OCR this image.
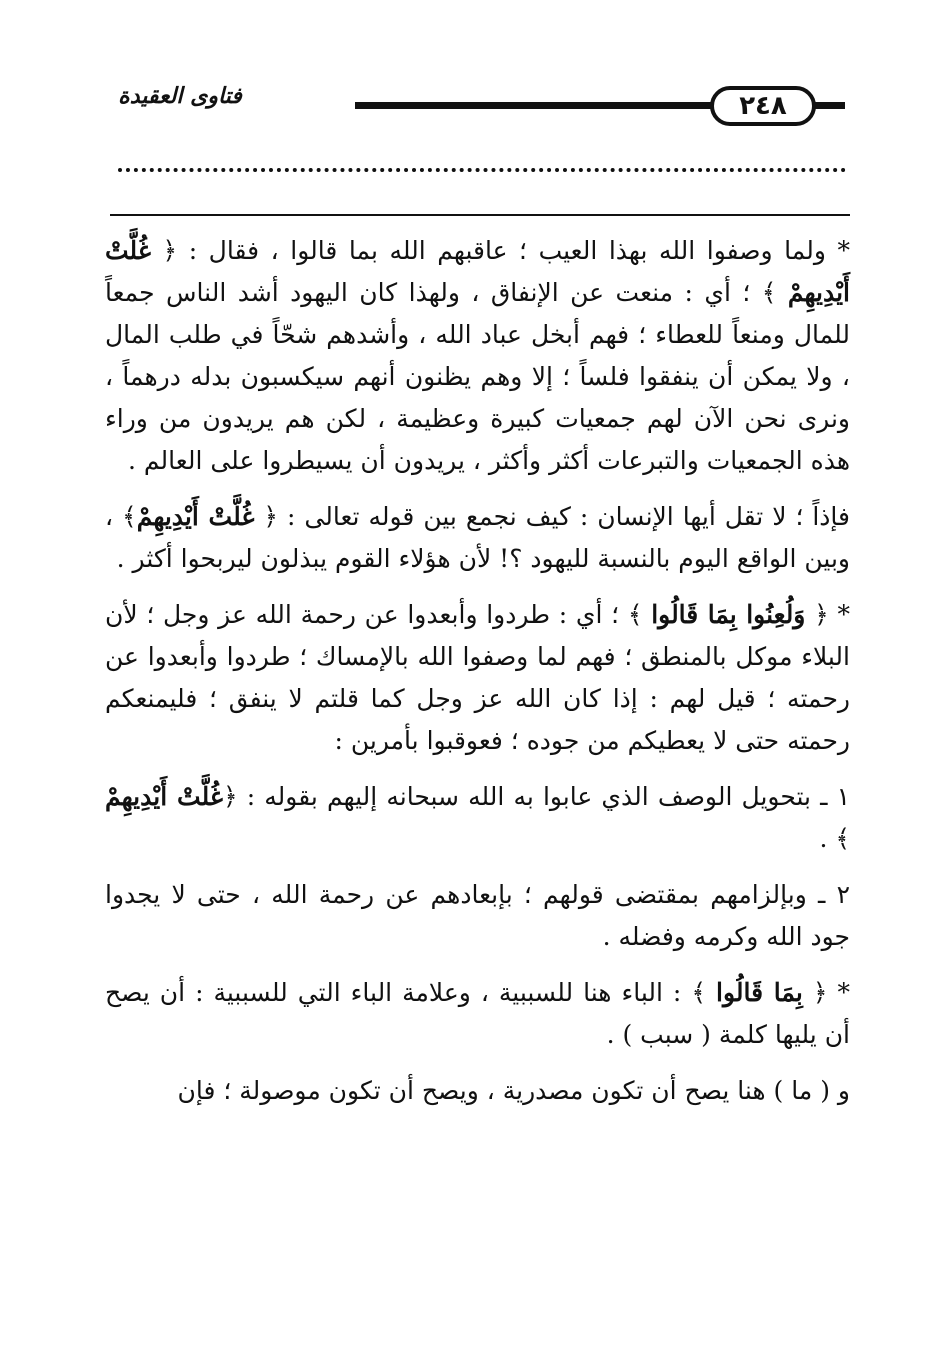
٢٤٨
فتاوى العقيدة

* ولما وصفوا الله بهذا العيب ؛ عاقبهم الله بما قالوا ، فقال : ﴿ غُلَّتْ أَيْدِيهِمْ ﴾ ؛ أي : منعت عن الإنفاق ، ولهذا كان اليهود أشد الناس جمعاً للمال ومنعاً للعطاء ؛ فهم أبخل عباد الله ، وأشدهم شحّاً في طلب المال ، ولا يمكن أن ينفقوا فلساً ؛ إلا وهم يظنون أنهم سيكسبون بدله درهماً ، ونرى نحن الآن لهم جمعيات كبيرة وعظيمة ، لكن هم يريدون من وراء هذه الجمعيات والتبرعات أكثر وأكثر ، يريدون أن يسيطروا على العالم .

فإذاً ؛ لا تقل أيها الإنسان : كيف نجمع بين قوله تعالى : ﴿ غُلَّتْ أَيْدِيهِمْ﴾ ، وبين الواقع اليوم بالنسبة لليهود ؟! لأن هؤلاء القوم يبذلون ليربحوا أكثر .

* ﴿ وَلُعِنُوا بِمَا قَالُوا ﴾ ؛ أي : طردوا وأبعدوا عن رحمة الله عز وجل ؛ لأن البلاء موكل بالمنطق ؛ فهم لما وصفوا الله بالإمساك ؛ طردوا وأبعدوا عن رحمته ؛ قيل لهم : إذا كان الله عز وجل كما قلتم لا ينفق ؛ فليمنعكم رحمته حتى لا يعطيكم من جوده ؛ فعوقبوا بأمرين :

١ ـ بتحويل الوصف الذي عابوا به الله سبحانه إليهم بقوله : ﴿غُلَّتْ أَيْدِيهِمْ ﴾ .

٢ ـ وبإلزامهم بمقتضى قولهم ؛ بإبعادهم عن رحمة الله ، حتى لا يجدوا جود الله وكرمه وفضله .

* ﴿ بِمَا قَالُوا ﴾ : الباء هنا للسببية ، وعلامة الباء التي للسببية : أن يصح أن يليها كلمة ( سبب ) .

و ( ما ) هنا يصح أن تكون مصدرية ، ويصح أن تكون موصولة ؛ فإن
